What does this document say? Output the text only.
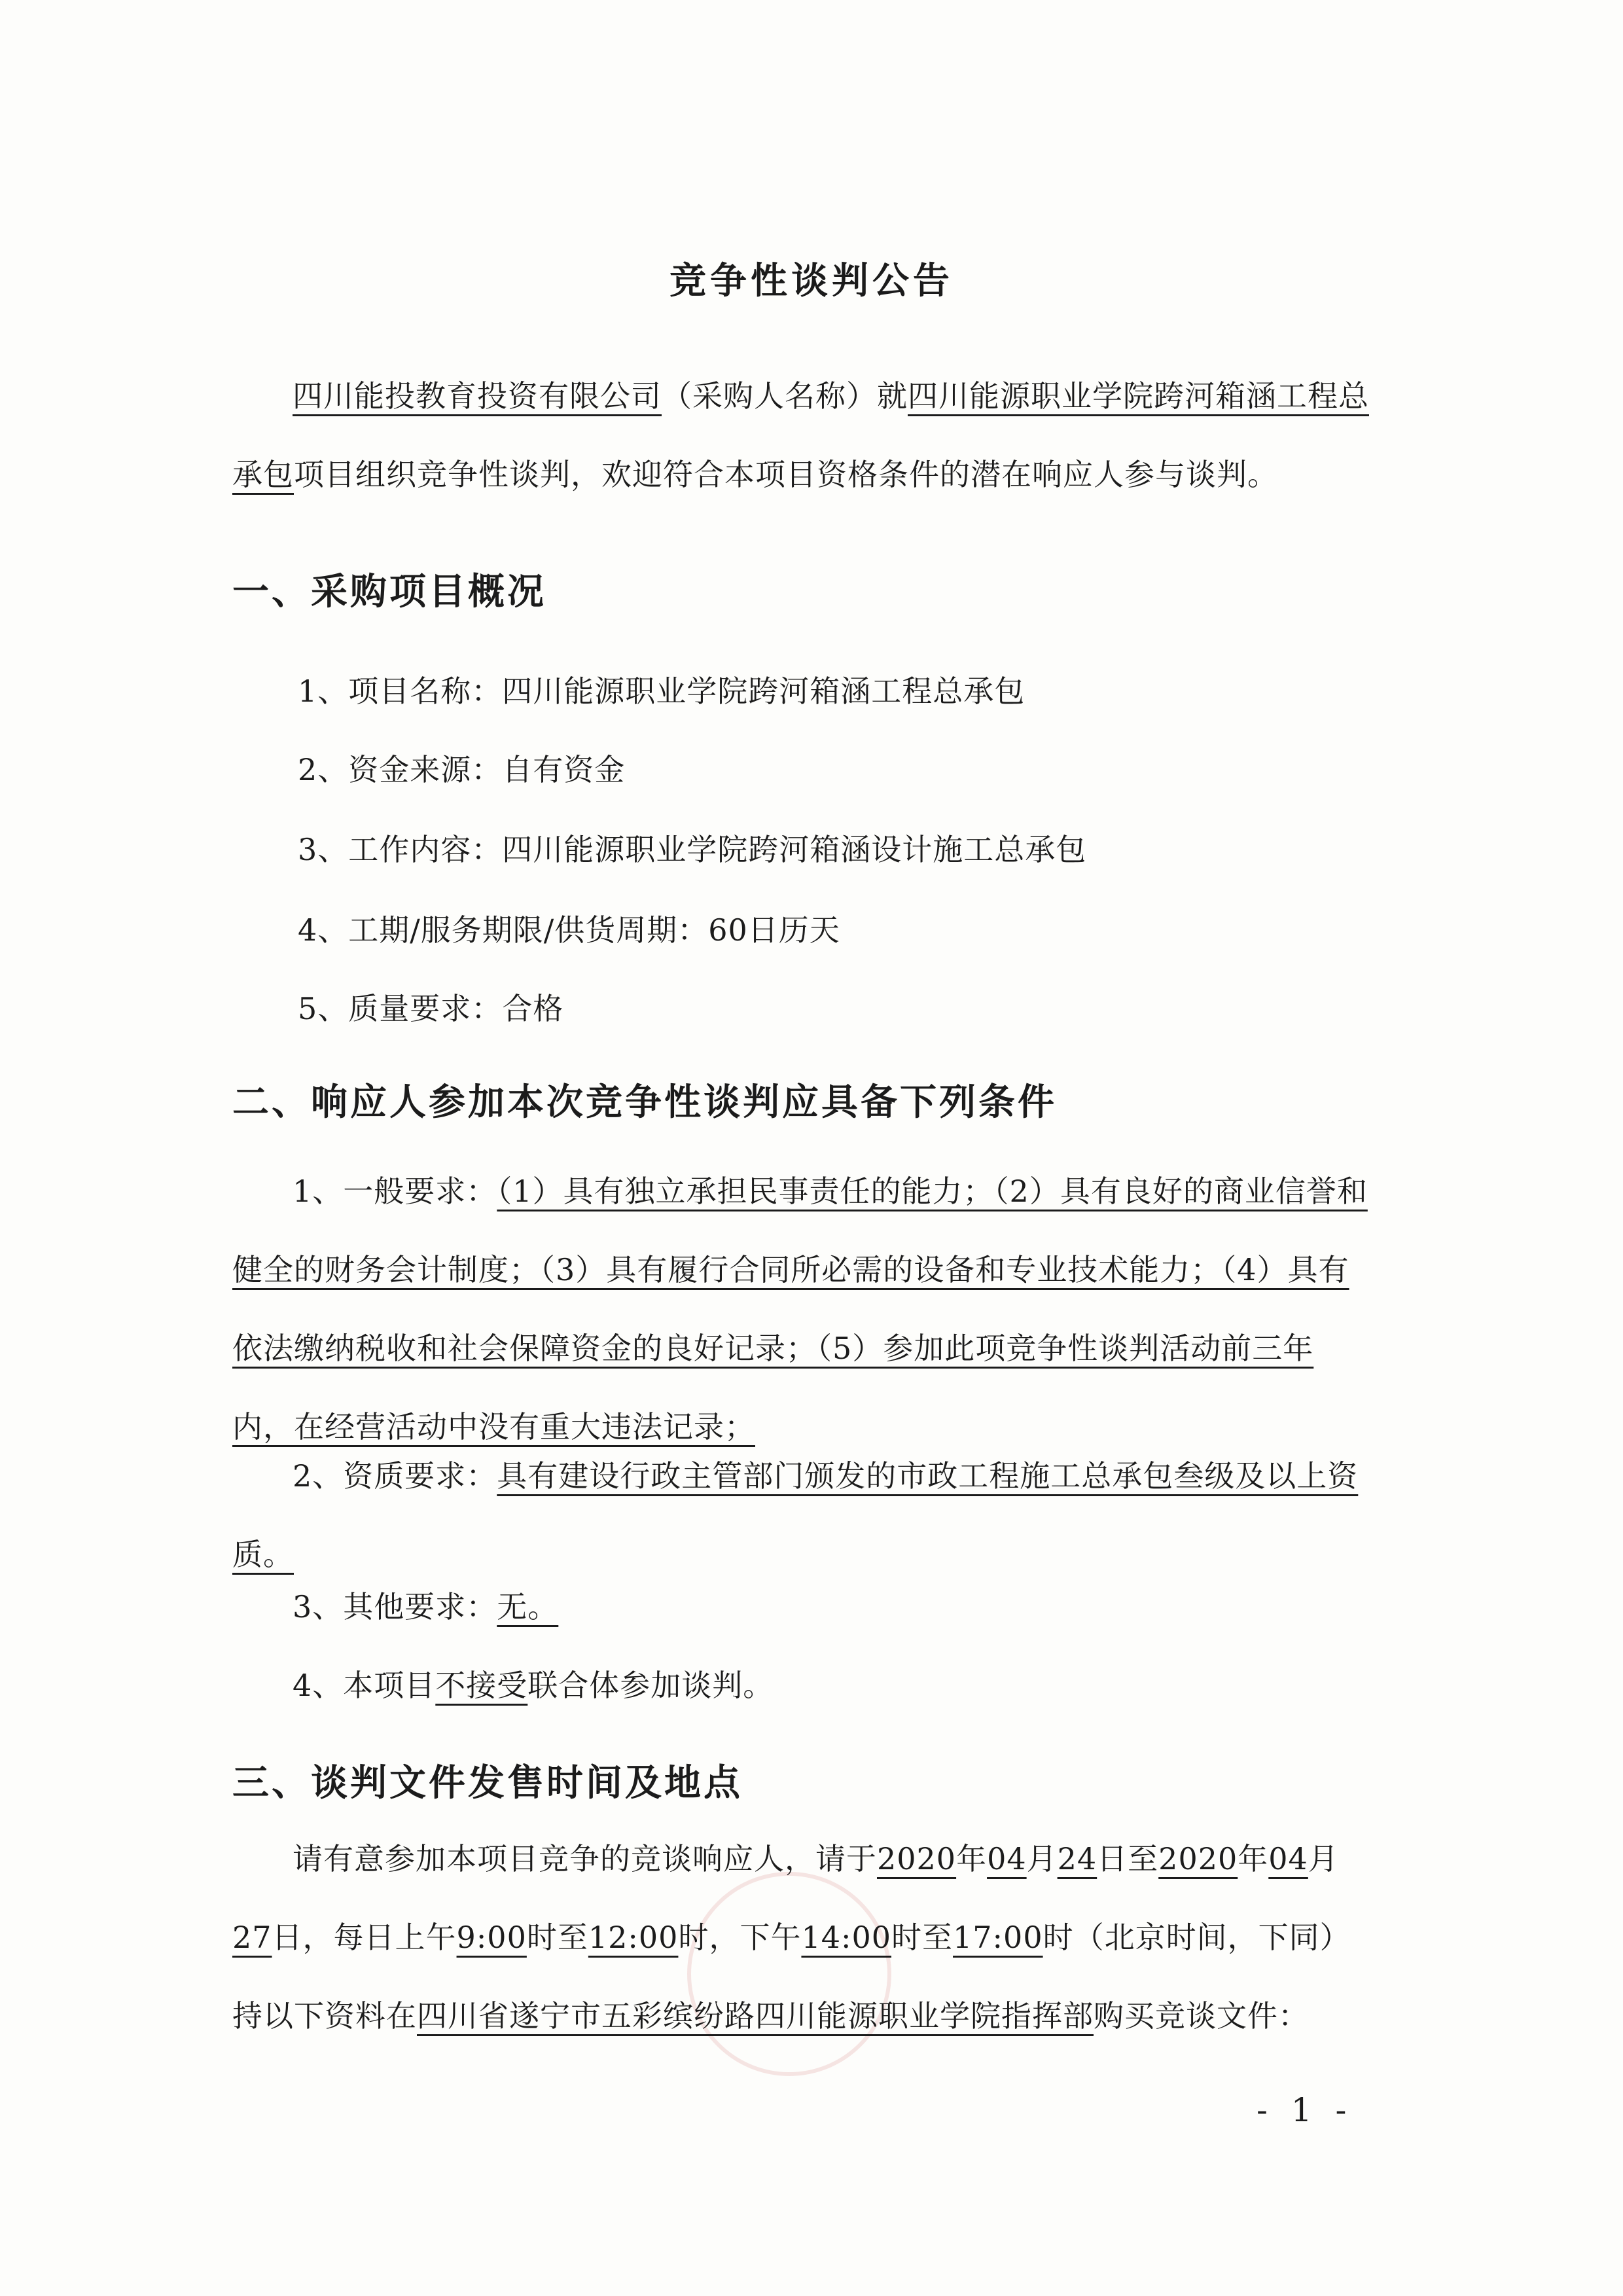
竞争性谈判公告

四川能投教育投资有限公司（采购人名称）就四川能源职业学院跨河箱涵工程总承包项目组织竞争性谈判，欢迎符合本项目资格条件的潜在响应人参与谈判。

一、采购项目概况
1、项目名称：四川能源职业学院跨河箱涵工程总承包
2、资金来源：自有资金
3、工作内容：四川能源职业学院跨河箱涵设计施工总承包
4、工期/服务期限/供货周期：60日历天
5、质量要求：合格
二、响应人参加本次竞争性谈判应具备下列条件

1、一般要求：（1）具有独立承担民事责任的能力；（2）具有良好的商业信誉和健全的财务会计制度；（3）具有履行合同所必需的设备和专业技术能力；（4）具有依法缴纳税收和社会保障资金的良好记录；（5）参加此项竞争性谈判活动前三年内，在经营活动中没有重大违法记录；

2、资质要求：具有建设行政主管部门颁发的市政工程施工总承包叁级及以上资质。

3、其他要求：无。

4、本项目不接受联合体参加谈判。

三、谈判文件发售时间及地点

请有意参加本项目竞争的竞谈响应人，请于2020年04月24日至2020年04月27日，每日上午9:00时至12:00时，下午14:00时至17:00时（北京时间，下同）持以下资料在四川省遂宁市五彩缤纷路四川能源职业学院指挥部购买竞谈文件：

- 1 -
